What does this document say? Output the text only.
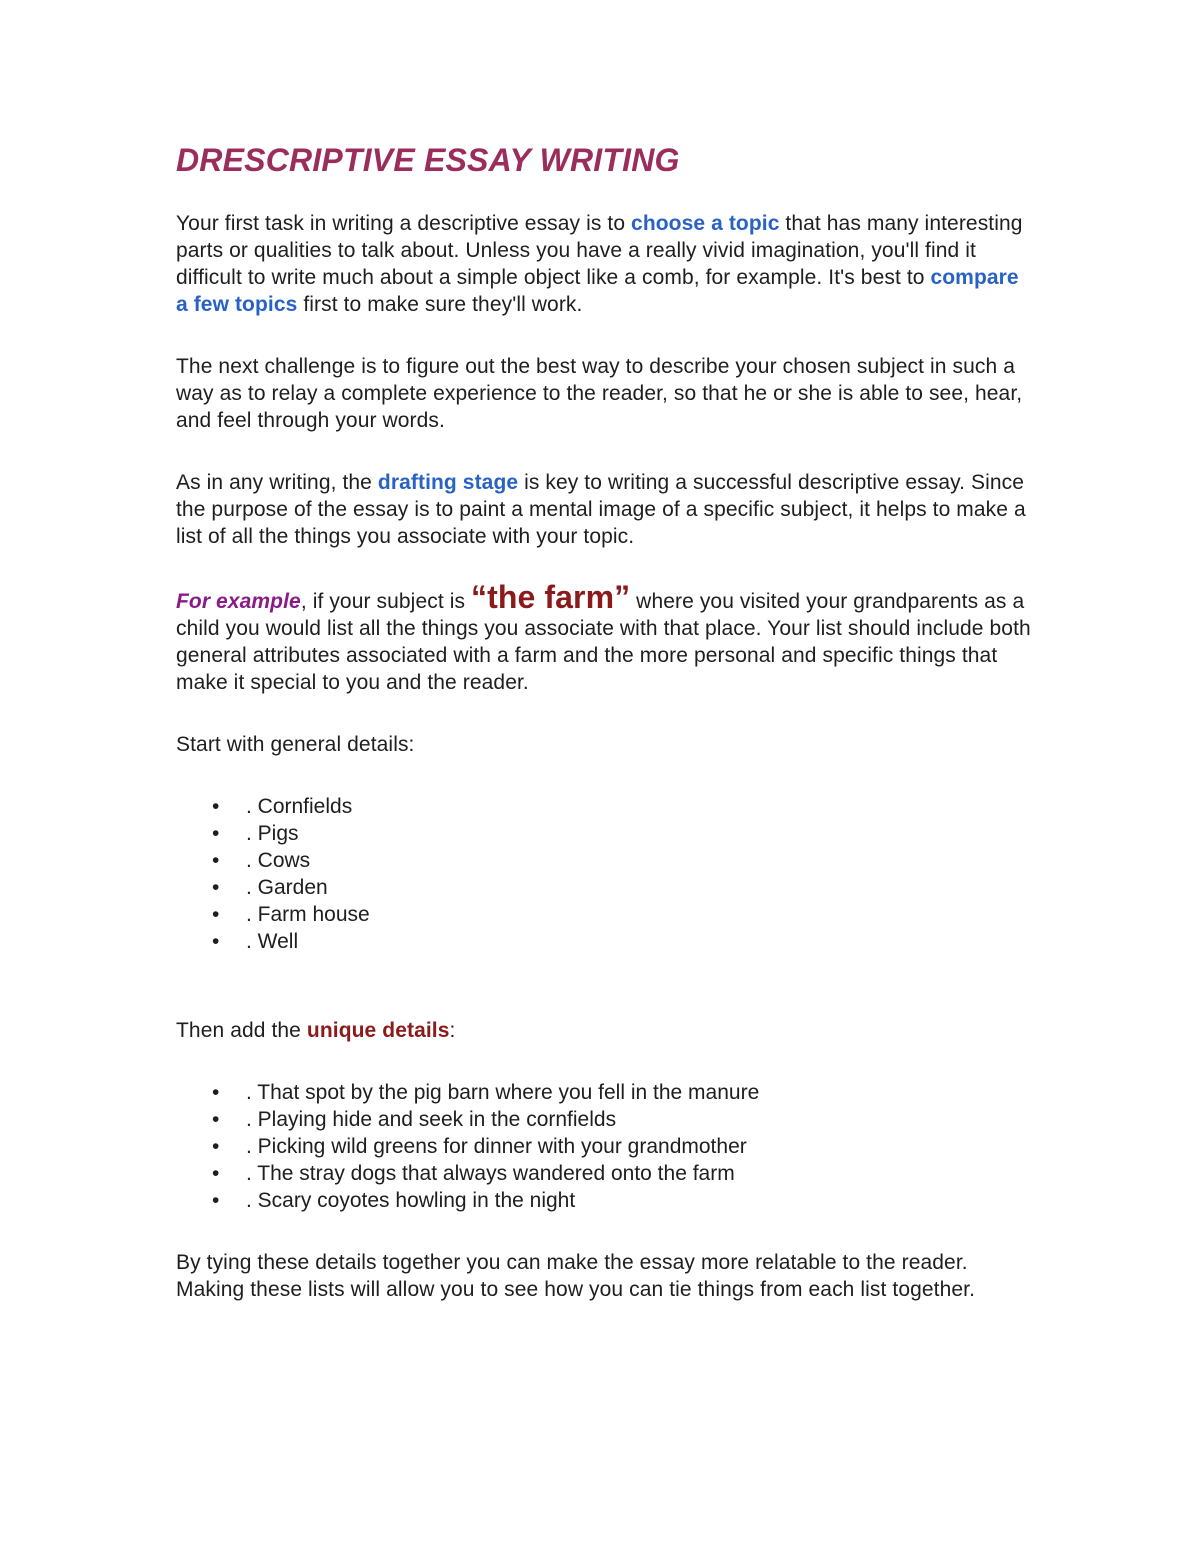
DRESCRIPTIVE ESSAY WRITING

Your first task in writing a descriptive essay is to choose a topic that has many interesting parts or qualities to talk about. Unless you have a really vivid imagination, you'll find it difficult to write much about a simple object like a comb, for example. It's best to compare a few topics first to make sure they'll work.

The next challenge is to figure out the best way to describe your chosen subject in such a way as to relay a complete experience to the reader, so that he or she is able to see, hear, and feel through your words.

As in any writing, the drafting stage is key to writing a successful descriptive essay. Since the purpose of the essay is to paint a mental image of a specific subject, it helps to make a list of all the things you associate with your topic.

For example, if your subject is “the farm” where you visited your grandparents as a child you would list all the things you associate with that place. Your list should include both general attributes associated with a farm and the more personal and specific things that make it special to you and the reader.

Start with general details:

• . Cornfields
• . Pigs
• . Cows
• . Garden
• . Farm house
• . Well

Then add the unique details:

• . That spot by the pig barn where you fell in the manure
• . Playing hide and seek in the cornfields
• . Picking wild greens for dinner with your grandmother
• . The stray dogs that always wandered onto the farm
• . Scary coyotes howling in the night

By tying these details together you can make the essay more relatable to the reader. Making these lists will allow you to see how you can tie things from each list together.
